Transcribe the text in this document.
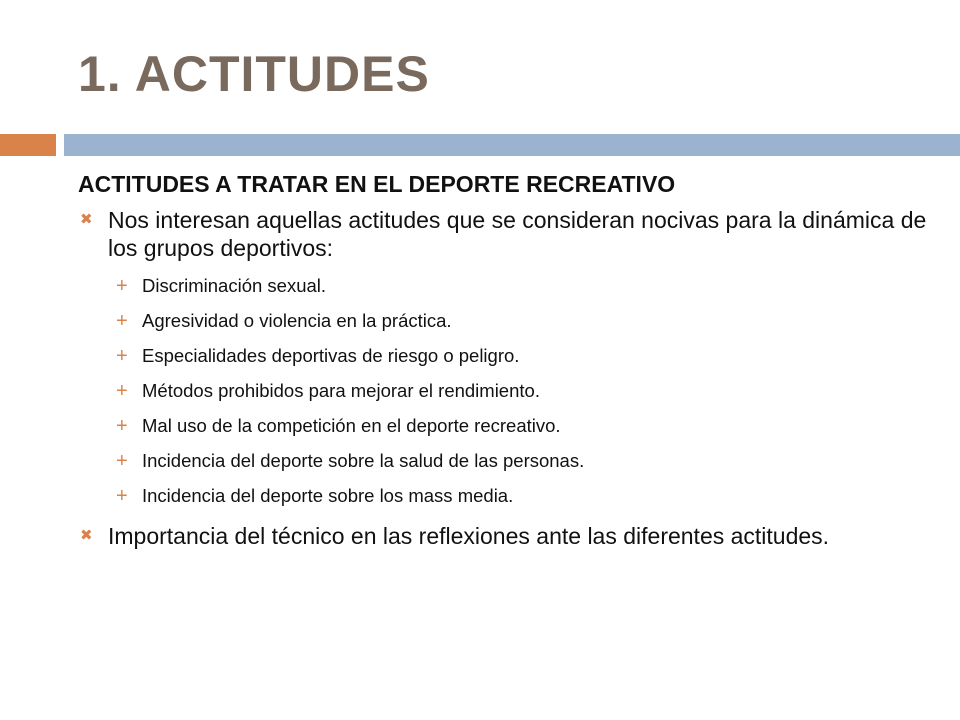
1. ACTITUDES
ACTITUDES A TRATAR EN EL DEPORTE RECREATIVO
✖ Nos interesan aquellas actitudes que se consideran nocivas para la dinámica de los grupos deportivos:
+ Discriminación sexual.
+ Agresividad o violencia en la práctica.
+ Especialidades deportivas de riesgo o peligro.
+ Métodos prohibidos para mejorar el rendimiento.
+ Mal uso de la competición en el deporte recreativo.
+ Incidencia del deporte sobre la salud de las personas.
+ Incidencia del deporte sobre los mass media.
✖ Importancia del técnico en las reflexiones ante las diferentes actitudes.
